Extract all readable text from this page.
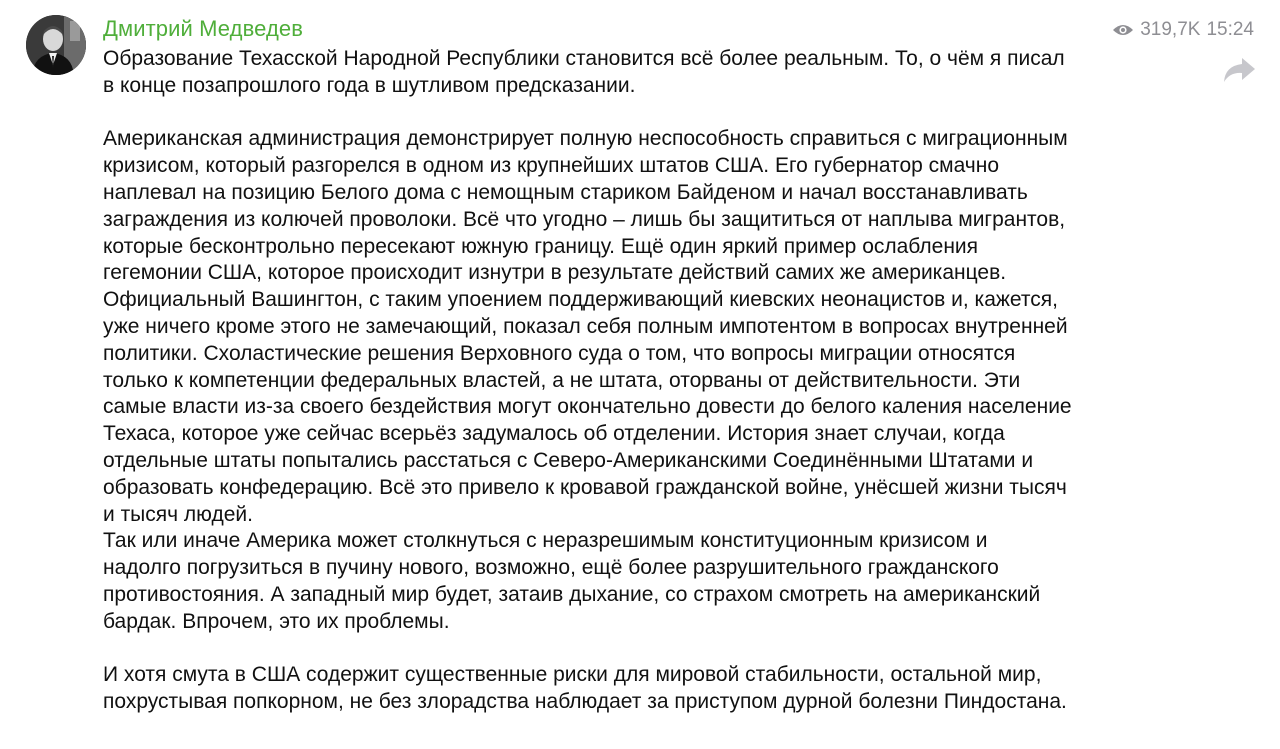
Дмитрий Медведев	319,7K 15:24

Образование Техасской Народной Республики становится всё более реальным. То, о чём я писал
в конце позапрошлого года в шутливом предсказании.

Американская администрация демонстрирует полную неспособность справиться с миграционным
кризисом, который разгорелся в одном из крупнейших штатов США. Его губернатор смачно
наплевал на позицию Белого дома с немощным стариком Байденом и начал восстанавливать
заграждения из колючей проволоки. Всё что угодно – лишь бы защититься от наплыва мигрантов,
которые бесконтрольно пересекают южную границу. Ещё один яркий пример ослабления
гегемонии США, которое происходит изнутри в результате действий самих же американцев.
Официальный Вашингтон, с таким упоением поддерживающий киевских неонацистов и, кажется,
уже ничего кроме этого не замечающий, показал себя полным импотентом в вопросах внутренней
политики. Схоластические решения Верховного суда о том, что вопросы миграции относятся
только к компетенции федеральных властей, а не штата, оторваны от действительности. Эти
самые власти из-за своего бездействия могут окончательно довести до белого каления население
Техаса, которое уже сейчас всерьёз задумалось об отделении. История знает случаи, когда
отдельные штаты попытались расстаться с Северо-Американскими Соединёнными Штатами и
образовать конфедерацию. Всё это привело к кровавой гражданской войне, унёсшей жизни тысяч
и тысяч людей.

Так или иначе Америка может столкнуться с неразрешимым конституционным кризисом и
надолго погрузиться в пучину нового, возможно, ещё более разрушительного гражданского
противостояния. А западный мир будет, затаив дыхание, со страхом смотреть на американский
бардак. Впрочем, это их проблемы.

И хотя смута в США содержит существенные риски для мировой стабильности, остальной мир,
похрустывая попкорном, не без злорадства наблюдает за приступом дурной болезни Пиндостана.
